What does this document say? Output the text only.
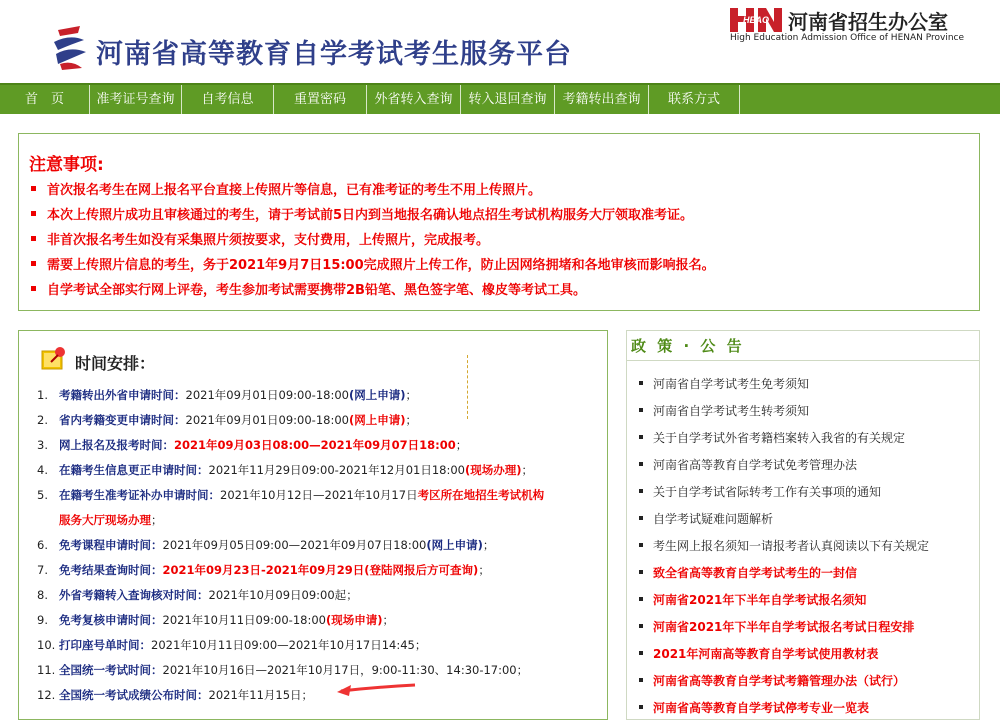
河南省高等教育自学考试考生服务平台
HEAO 河南省招生办公室
High Education Admission Office of HENAN Province
首　页	准考证号查询	自考信息	重置密码	外省转入查询	转入退回查询	考籍转出查询	联系方式
注意事项:
首次报名考生在网上报名平台直接上传照片等信息，已有准考证的考生不用上传照片。
本次上传照片成功且审核通过的考生，请于考试前5日内到当地报名确认地点招生考试机构服务大厅领取准考证。
非首次报名考生如没有采集照片须按要求，支付费用，上传照片，完成报考。
需要上传照片信息的考生，务于2021年9月7日15:00完成照片上传工作，防止因网络拥堵和各地审核而影响报名。
自学考试全部实行网上评卷，考生参加考试需要携带2B铅笔、黑色签字笔、橡皮等考试工具。
时间安排：
1. 考籍转出外省申请时间：2021年09月01日09:00-18:00(网上申请)；
2. 省内考籍变更申请时间：2021年09月01日09:00-18:00(网上申请)；
3. 网上报名及报考时间：2021年09月03日08:00—2021年09月07日18:00；
4. 在籍考生信息更正申请时间：2021年11月29日09:00-2021年12月01日18:00(现场办理)；
5. 在籍考生准考证补办申请时间：2021年10月12日—2021年10月17日考区所在地招生考试机构
服务大厅现场办理；
6. 免考课程申请时间：2021年09月05日09:00—2021年09月07日18:00(网上申请)；
7. 免考结果查询时间：2021年09月23日-2021年09月29日(登陆网报后方可查询)；
8. 外省考籍转入查询核对时间：2021年10月09日09:00起；
9. 免考复核申请时间：2021年10月11日09:00-18:00(现场申请)；
10. 打印座号单时间：2021年10月11日09:00—2021年10月17日14:45；
11. 全国统一考试时间：2021年10月16日—2021年10月17日，9:00-11:30、14:30-17:00；
12. 全国统一考试成绩公布时间：2021年11月15日；
政 策 · 公 告
河南省自学考试考生免考须知
河南省自学考试考生转考须知
关于自学考试外省考籍档案转入我省的有关规定
河南省高等教育自学考试免考管理办法
关于自学考试省际转考工作有关事项的通知
自学考试疑难问题解析
考生网上报名须知一请报考者认真阅读以下有关规定
致全省高等教育自学考试考生的一封信
河南省2021年下半年自学考试报名须知
河南省2021年下半年自学考试报名考试日程安排
2021年河南高等教育自学考试使用教材表
河南省高等教育自学考试考籍管理办法（试行）
河南省高等教育自学考试停考专业一览表
